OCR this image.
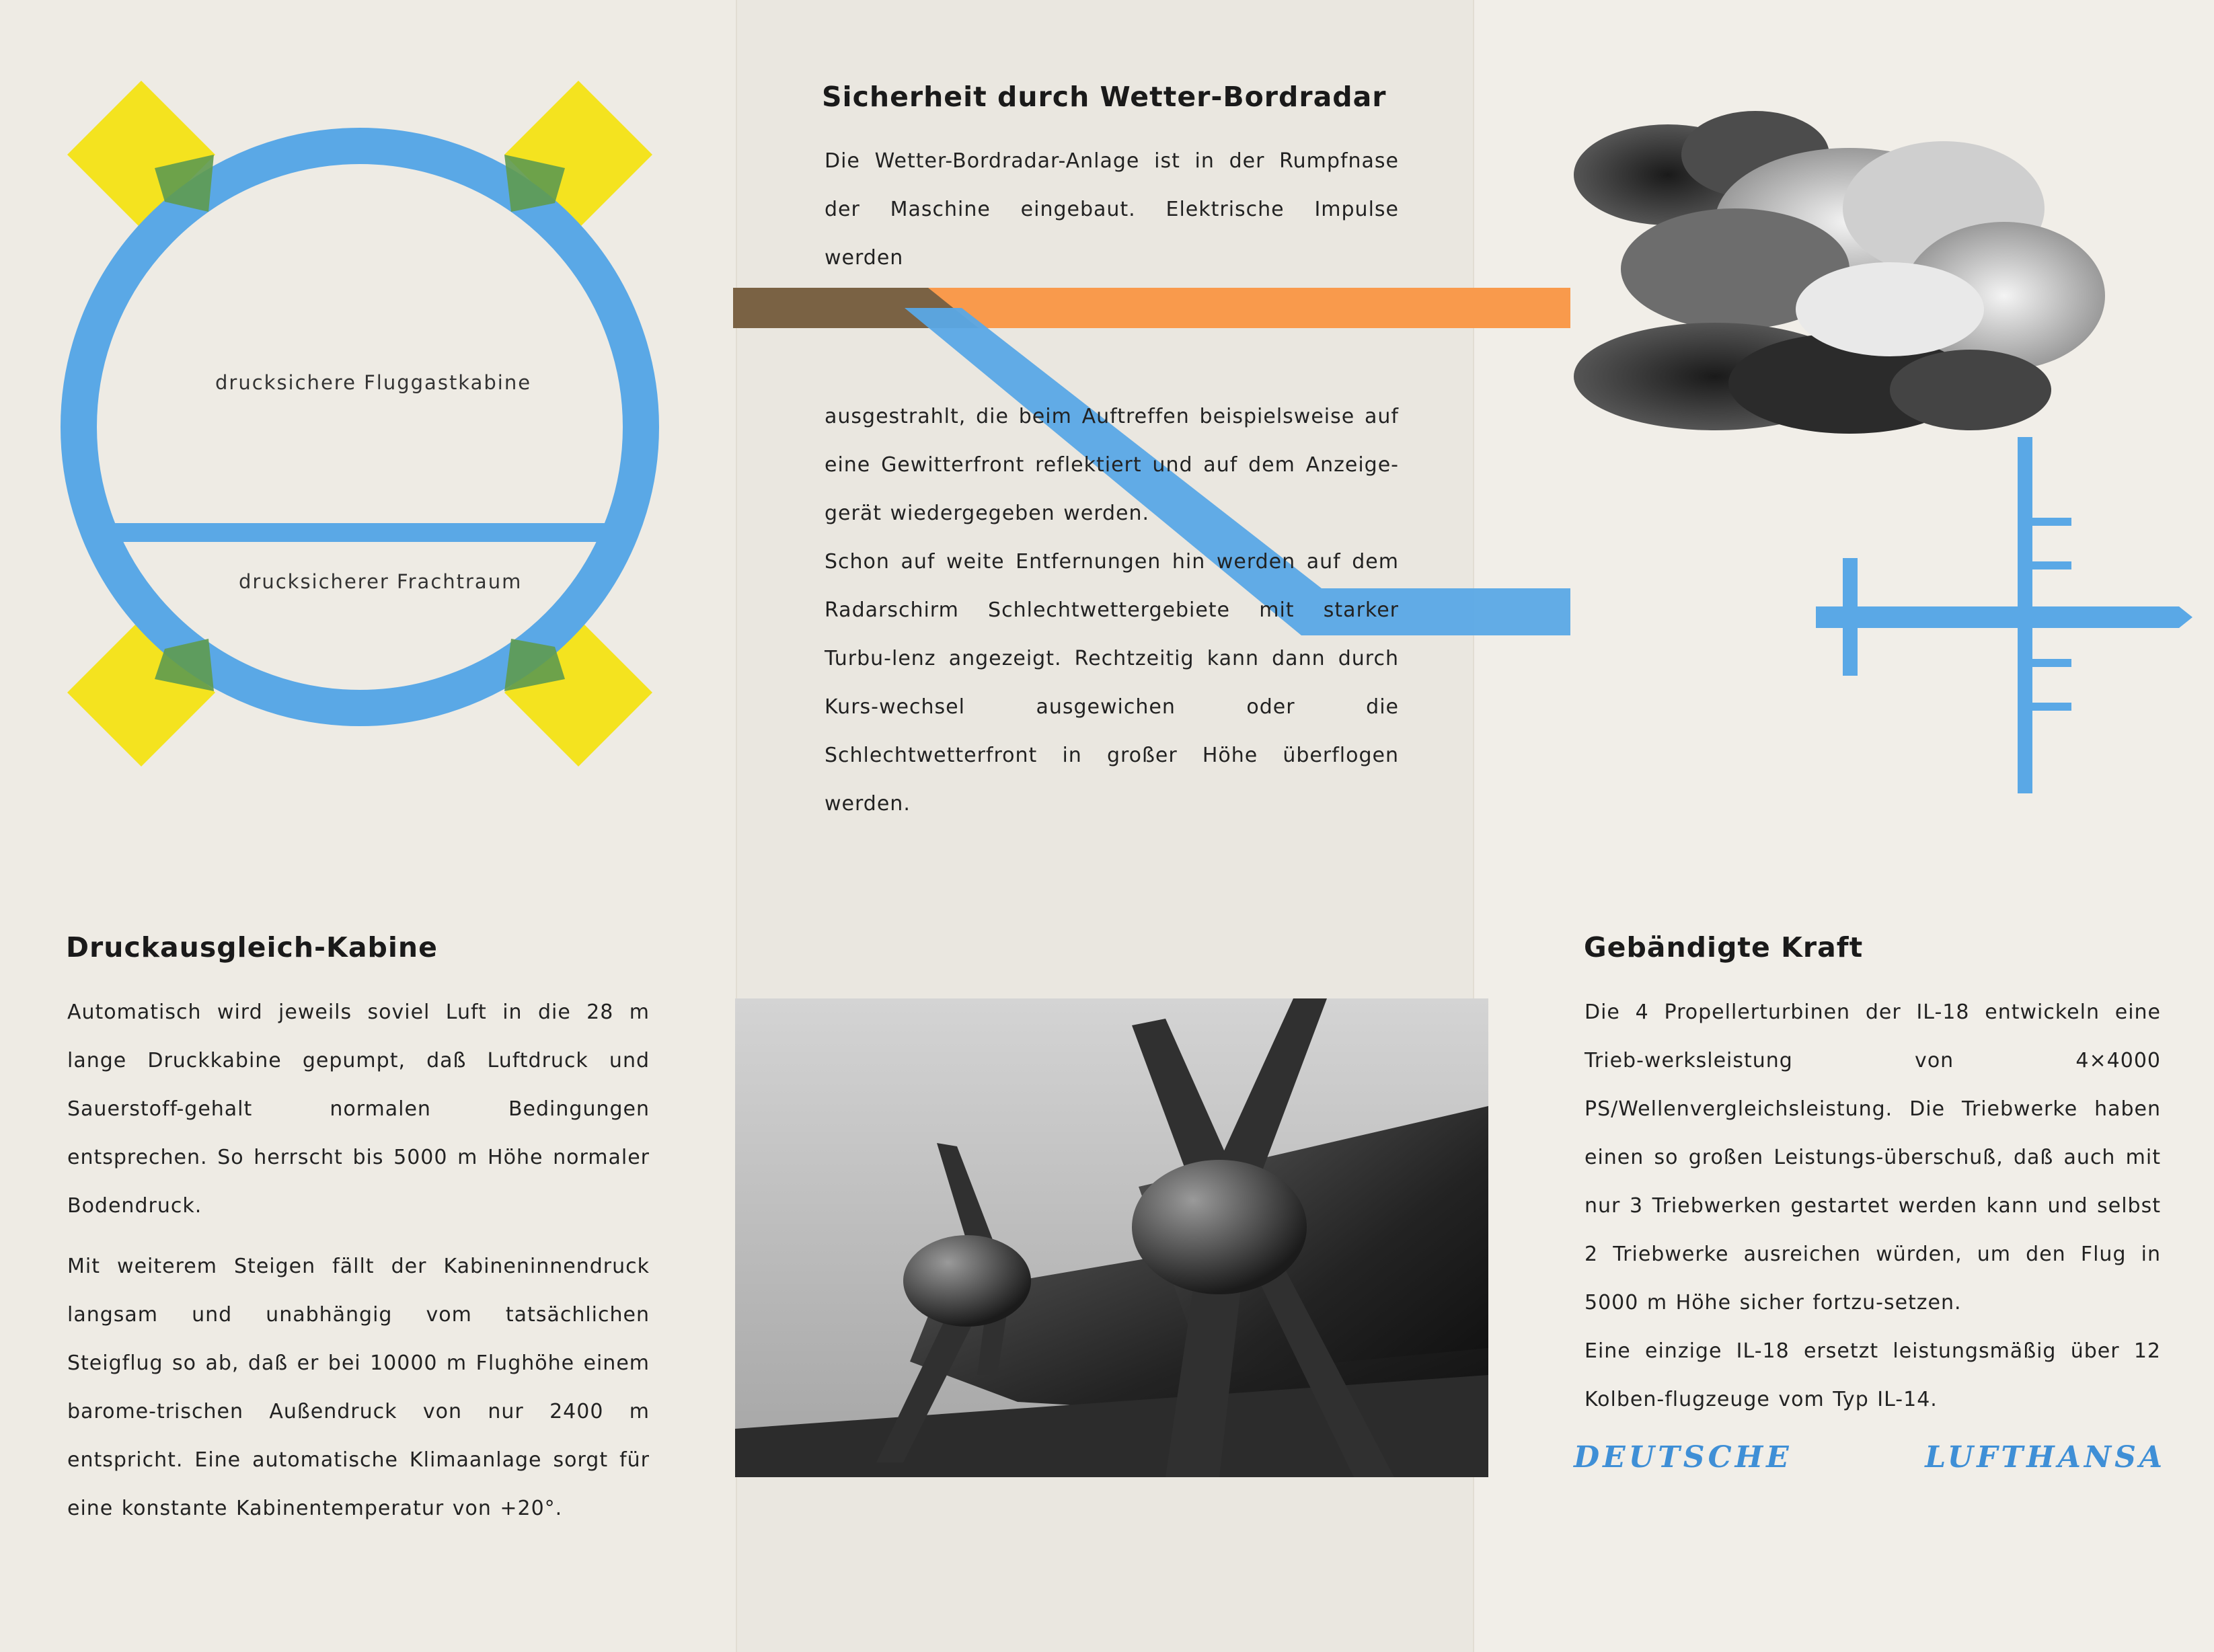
drucksichere Fluggastkabine
drucksicherer Frachtraum
Sicherheit durch Wetter-Bordradar

Die Wetter-Bordradar-Anlage ist in der Rumpfnase der Maschine eingebaut. Elektrische Impulse werden

ausgestrahlt, die beim Auftreffen beispielsweise auf eine Gewitterfront reflektiert und auf dem Anzeige-gerät wiedergegeben werden.

Schon auf weite Entfernungen hin werden auf dem Radarschirm Schlechtwettergebiete mit starker Turbu-lenz angezeigt. Rechtzeitig kann dann durch Kurs-wechsel ausgewichen oder die Schlechtwetterfront in großer Höhe überflogen werden.

Druckausgleich-Kabine

Automatisch wird jeweils soviel Luft in die 28 m lange Druckkabine gepumpt, daß Luftdruck und Sauerstoff-gehalt normalen Bedingungen entsprechen. So herrscht bis 5000 m Höhe normaler Bodendruck.

Mit weiterem Steigen fällt der Kabineninnendruck langsam und unabhängig vom tatsächlichen Steigflug so ab, daß er bei 10000 m Flughöhe einem barome-trischen Außendruck von nur 2400 m entspricht. Eine automatische Klimaanlage sorgt für eine konstante Kabinentemperatur von +20°.

Gebändigte Kraft

Die 4 Propellerturbinen der IL-18 entwickeln eine Trieb-werksleistung von 4×4000 PS/Wellenvergleichsleistung. Die Triebwerke haben einen so großen Leistungs-überschuß, daß auch mit nur 3 Triebwerken gestartet werden kann und selbst 2 Triebwerke ausreichen würden, um den Flug in 5000 m Höhe sicher fortzu-setzen.

Eine einzige IL-18 ersetzt leistungsmäßig über 12 Kolben-flugzeuge vom Typ IL-14.

DEUTSCHE LUFTHANSA
